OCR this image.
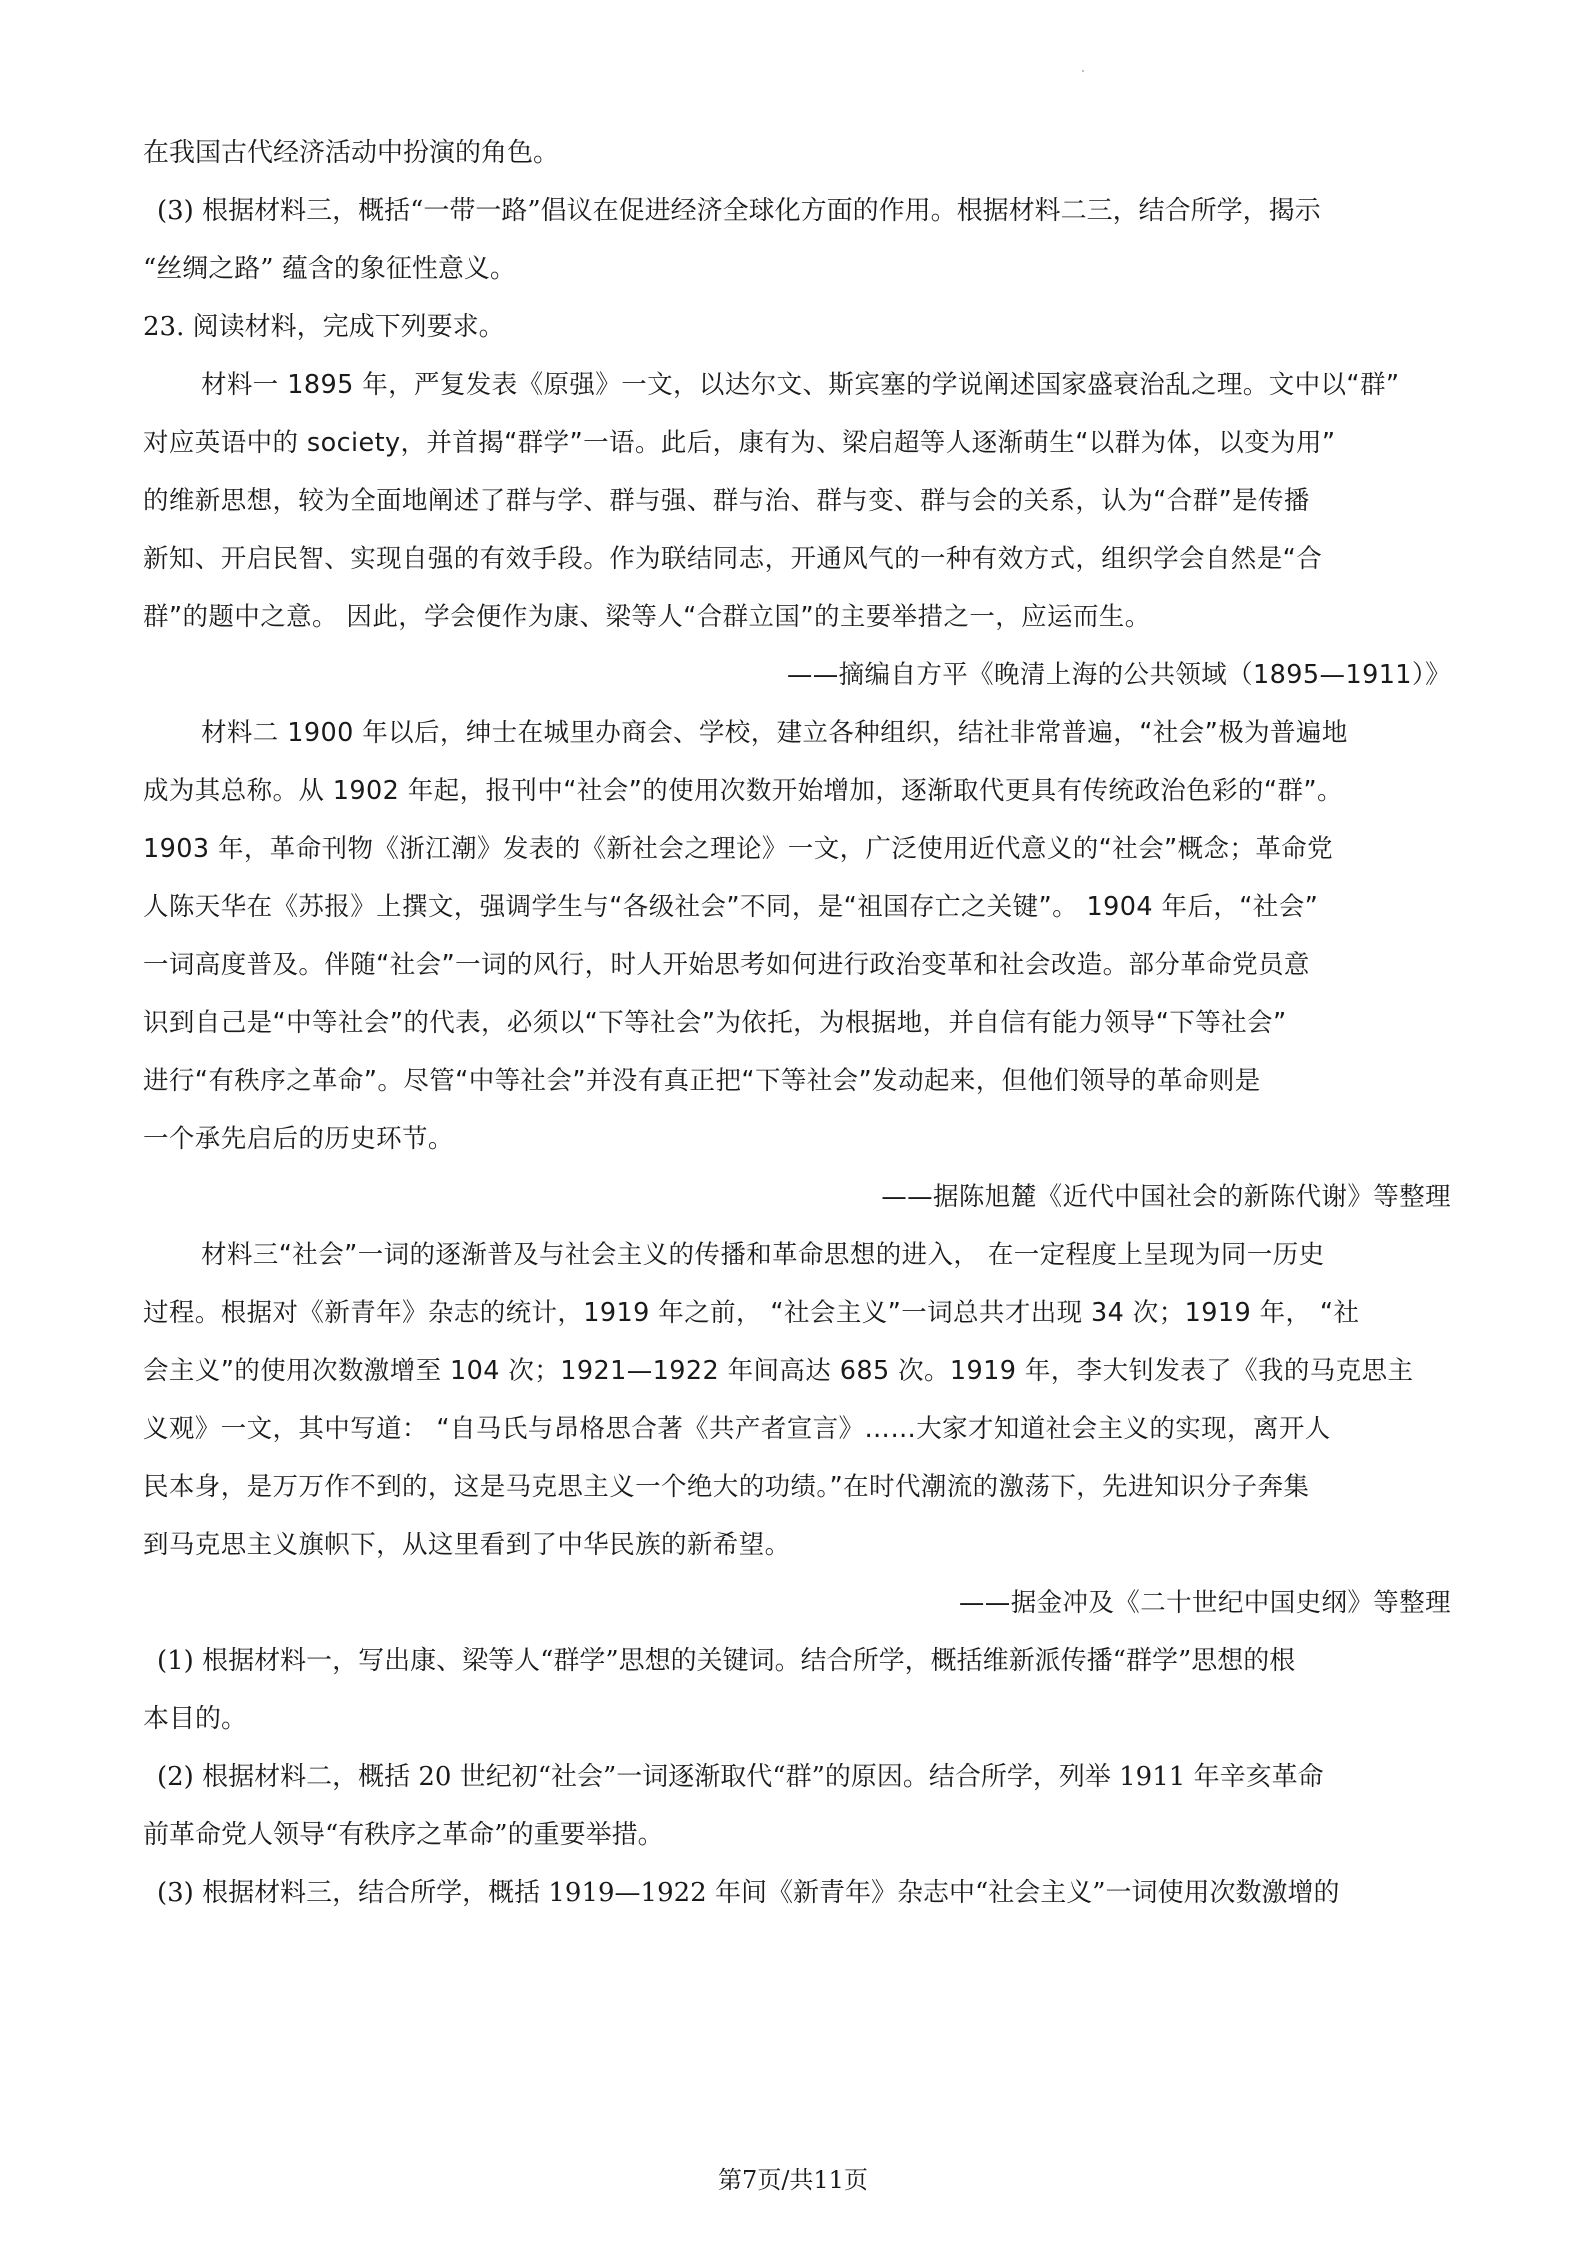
在我国古代经济活动中扮演的角色。
(3) 根据材料三，概括“一带一路”倡议在促进经济全球化方面的作用。根据材料二三，结合所学，揭示
“丝绸之路” 蕴含的象征性意义。
23. 阅读材料，完成下列要求。
材料一 1895 年，严复发表《原强》一文，以达尔文、斯宾塞的学说阐述国家盛衰治乱之理。文中以“群”
对应英语中的 society，并首揭“群学”一语。此后，康有为、梁启超等人逐渐萌生“以群为体，以变为用”
的维新思想，较为全面地阐述了群与学、群与强、群与治、群与变、群与会的关系，认为“合群”是传播
新知、开启民智、实现自强的有效手段。作为联结同志，开通风气的一种有效方式，组织学会自然是“合
群”的题中之意。 因此，学会便作为康、梁等人“合群立国”的主要举措之一，应运而生。
——摘编自方平《晚清上海的公共领域（1895—1911）》
材料二 1900 年以后，绅士在城里办商会、学校，建立各种组织，结社非常普遍，“社会”极为普遍地
成为其总称。从 1902 年起，报刊中“社会”的使用次数开始增加，逐渐取代更具有传统政治色彩的“群”。
1903 年，革命刊物《浙江潮》发表的《新社会之理论》一文，广泛使用近代意义的“社会”概念；革命党
人陈天华在《苏报》上撰文，强调学生与“各级社会”不同，是“祖国存亡之关键”。 1904 年后，“社会”
一词高度普及。伴随“社会”一词的风行，时人开始思考如何进行政治变革和社会改造。部分革命党员意
识到自己是“中等社会”的代表，必须以“下等社会”为依托，为根据地，并自信有能力领导“下等社会”
进行“有秩序之革命”。尽管“中等社会”并没有真正把“下等社会”发动起来，但他们领导的革命则是
一个承先启后的历史环节。
——据陈旭麓《近代中国社会的新陈代谢》等整理
材料三“社会”一词的逐渐普及与社会主义的传播和革命思想的进入， 在一定程度上呈现为同一历史
过程。根据对《新青年》杂志的统计，1919 年之前， “社会主义”一词总共才出现 34 次；1919 年， “社
会主义”的使用次数激增至 104 次；1921—1922 年间高达 685 次。1919 年，李大钊发表了《我的马克思主
义观》一文，其中写道： “自马氏与昂格思合著《共产者宣言》……大家才知道社会主义的实现，离开人
民本身，是万万作不到的，这是马克思主义一个绝大的功绩。”在时代潮流的激荡下，先进知识分子奔集
到马克思主义旗帜下，从这里看到了中华民族的新希望。
——据金冲及《二十世纪中国史纲》等整理
(1) 根据材料一，写出康、梁等人“群学”思想的关键词。结合所学，概括维新派传播“群学”思想的根
本目的。
(2) 根据材料二，概括 20 世纪初“社会”一词逐渐取代“群”的原因。结合所学，列举 1911 年辛亥革命
前革命党人领导“有秩序之革命”的重要举措。
(3) 根据材料三，结合所学，概括 1919—1922 年间《新青年》杂志中“社会主义”一词使用次数激增的
第7页/共11页
